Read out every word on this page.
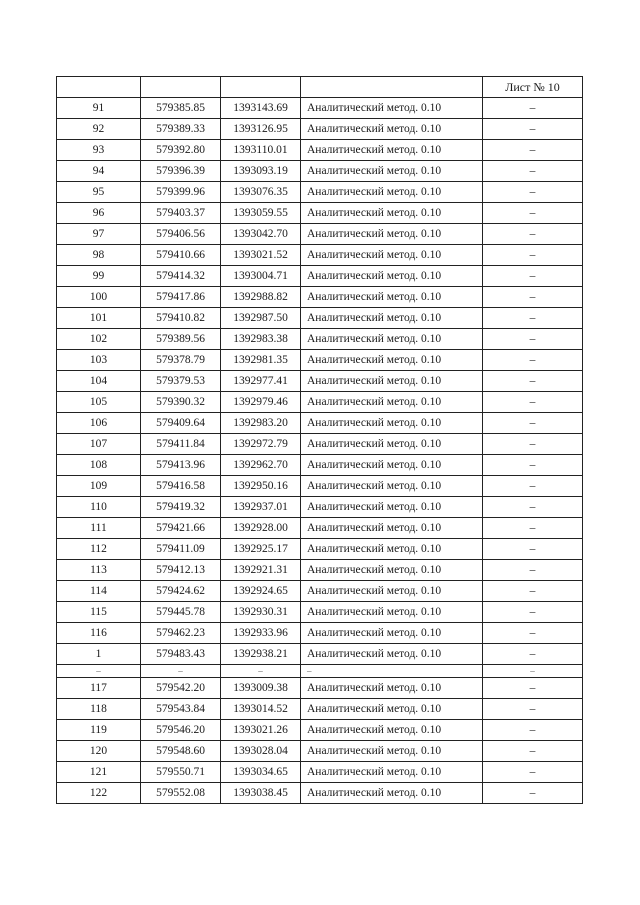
				Лист № 10
91	579385.85	1393143.69	Аналитический метод. 0.10	–
92	579389.33	1393126.95	Аналитический метод. 0.10	–
93	579392.80	1393110.01	Аналитический метод. 0.10	–
94	579396.39	1393093.19	Аналитический метод. 0.10	–
95	579399.96	1393076.35	Аналитический метод. 0.10	–
96	579403.37	1393059.55	Аналитический метод. 0.10	–
97	579406.56	1393042.70	Аналитический метод. 0.10	–
98	579410.66	1393021.52	Аналитический метод. 0.10	–
99	579414.32	1393004.71	Аналитический метод. 0.10	–
100	579417.86	1392988.82	Аналитический метод. 0.10	–
101	579410.82	1392987.50	Аналитический метод. 0.10	–
102	579389.56	1392983.38	Аналитический метод. 0.10	–
103	579378.79	1392981.35	Аналитический метод. 0.10	–
104	579379.53	1392977.41	Аналитический метод. 0.10	–
105	579390.32	1392979.46	Аналитический метод. 0.10	–
106	579409.64	1392983.20	Аналитический метод. 0.10	–
107	579411.84	1392972.79	Аналитический метод. 0.10	–
108	579413.96	1392962.70	Аналитический метод. 0.10	–
109	579416.58	1392950.16	Аналитический метод. 0.10	–
110	579419.32	1392937.01	Аналитический метод. 0.10	–
111	579421.66	1392928.00	Аналитический метод. 0.10	–
112	579411.09	1392925.17	Аналитический метод. 0.10	–
113	579412.13	1392921.31	Аналитический метод. 0.10	–
114	579424.62	1392924.65	Аналитический метод. 0.10	–
115	579445.78	1392930.31	Аналитический метод. 0.10	–
116	579462.23	1392933.96	Аналитический метод. 0.10	–
1	579483.43	1392938.21	Аналитический метод. 0.10	–
–	–	–	–	–
117	579542.20	1393009.38	Аналитический метод. 0.10	–
118	579543.84	1393014.52	Аналитический метод. 0.10	–
119	579546.20	1393021.26	Аналитический метод. 0.10	–
120	579548.60	1393028.04	Аналитический метод. 0.10	–
121	579550.71	1393034.65	Аналитический метод. 0.10	–
122	579552.08	1393038.45	Аналитический метод. 0.10	–
